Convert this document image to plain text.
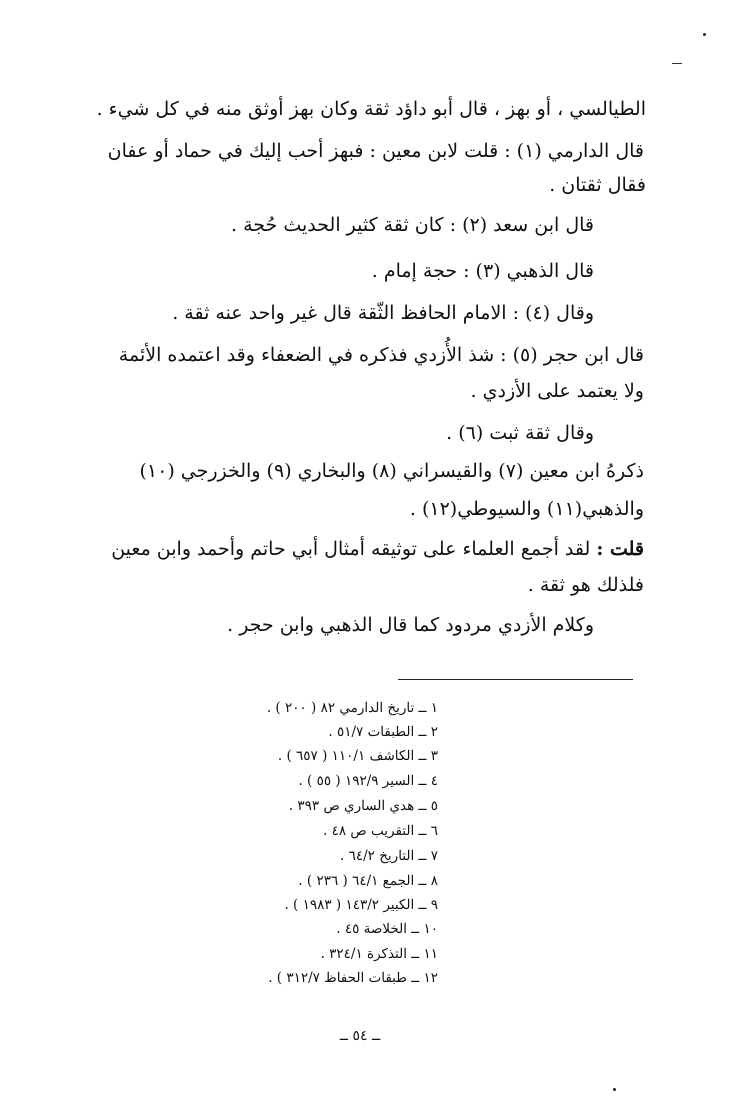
الطيالسي ، أو بهز ، قال أبو داؤد ثقة وكان بهز أوثق منه في كل شيء .
قال الدارمي (١) : قلت لابن معين : فبهز أحب إليك في حماد أو عفان
فقال ثقتان .
قال ابن سعد (٢) : كان ثقة كثير الحديث حُجة .
قال الذهبي (٣) : حجة إمام .
وقال (٤) : الامام الحافظ الثّقة قال غير واحد عنه ثقة .
قال ابن حجر (٥) : شذ الأُزدي فذكره في الضعفاء وقد اعتمده الأئمة
ولا يعتمد على الأزدي .
وقال ثقة ثبت (٦) .
ذكرهُ ابن معين (٧) والقيسراني (٨) والبخاري (٩) والخزرجي (١٠)
والذهبي(١١) والسيوطي(١٢) .
قلت : لقد أجمع العلماء على توثيقه أمثال أبي حاتم وأحمد وابن معين
فلذلك هو ثقة .
وكلام الأزدي مردود كما قال الذهبي وابن حجر .
١ ــ تاريخ الدارمي ٨٢ ( ٢٠٠ ) .
٢ ــ الطبقات ٥١/٧ .
٣ ــ الكاشف ١١٠/١ ( ٦٥٧ ) .
٤ ــ السير ١٩٢/٩ ( ٥٥ ) .
٥ ــ هدي الساري ص ٣٩٣ .
٦ ــ التقريب ص ٤٨ .
٧ ــ التاريخ ٦٤/٢ .
٨ ــ الجمع ٦٤/١ ( ٢٣٦ ) .
٩ ــ الكبير ١٤٣/٢ ( ١٩٨٣ ) .
١٠ ــ الخلاصة ٤٥ .
١١ ــ التذكرة ٣٢٤/١ .
١٢ ــ طبقات الحفاظ ٣١٢/٧ ) .
ــ ٥٤ ــ
